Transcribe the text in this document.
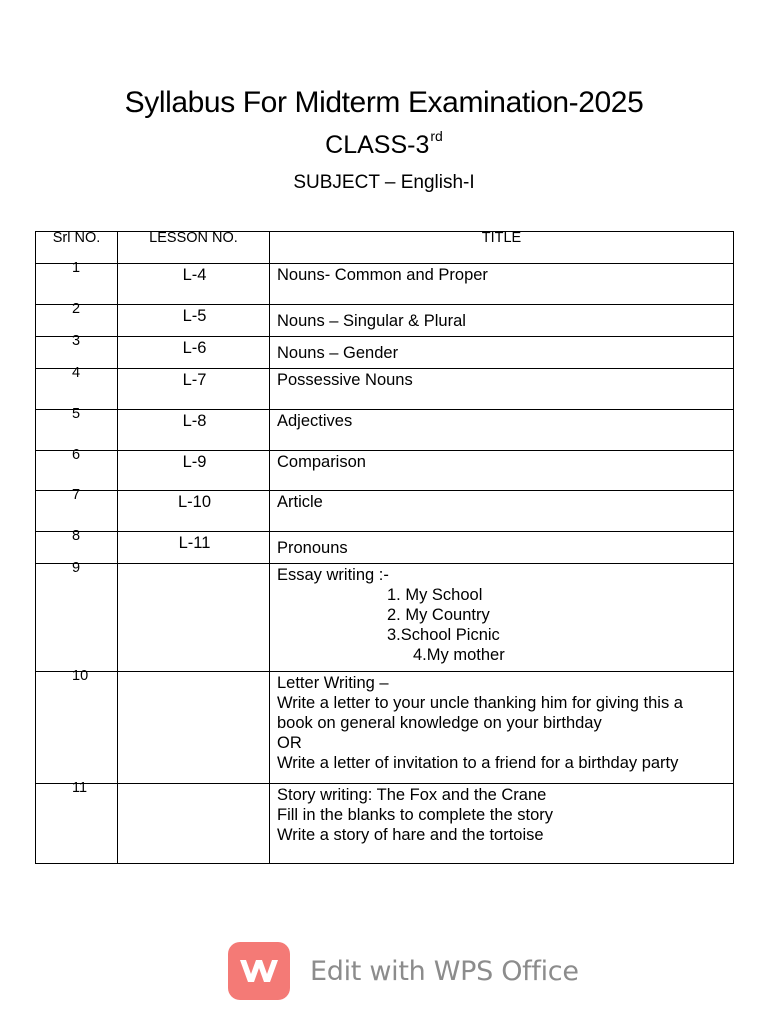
Syllabus For Midterm Examination-2025
CLASS-3rd
SUBJECT – English-I
Srl NO.	LESSON NO.	TITLE

1	L-4	Nouns- Common and Proper

2	L-5	Nouns – Singular & Plural

3	L-6	Nouns – Gender

4	L-7	Possessive Nouns

5	L-8	Adjectives

6	L-9	Comparison

7	L-10	Article

8	L-11	Pronouns

9		Essay writing :-
1. My School
2. My Country
3.School Picnic
4.My mother

10		Letter Writing –
Write a letter to your uncle thanking him for giving this a
book on general knowledge on your birthday
OR
Write a letter of invitation to a friend for a birthday party

11		Story writing: The Fox and the Crane
Fill in the blanks to complete the story
Write a story of hare and the tortoise
Edit with WPS Office
